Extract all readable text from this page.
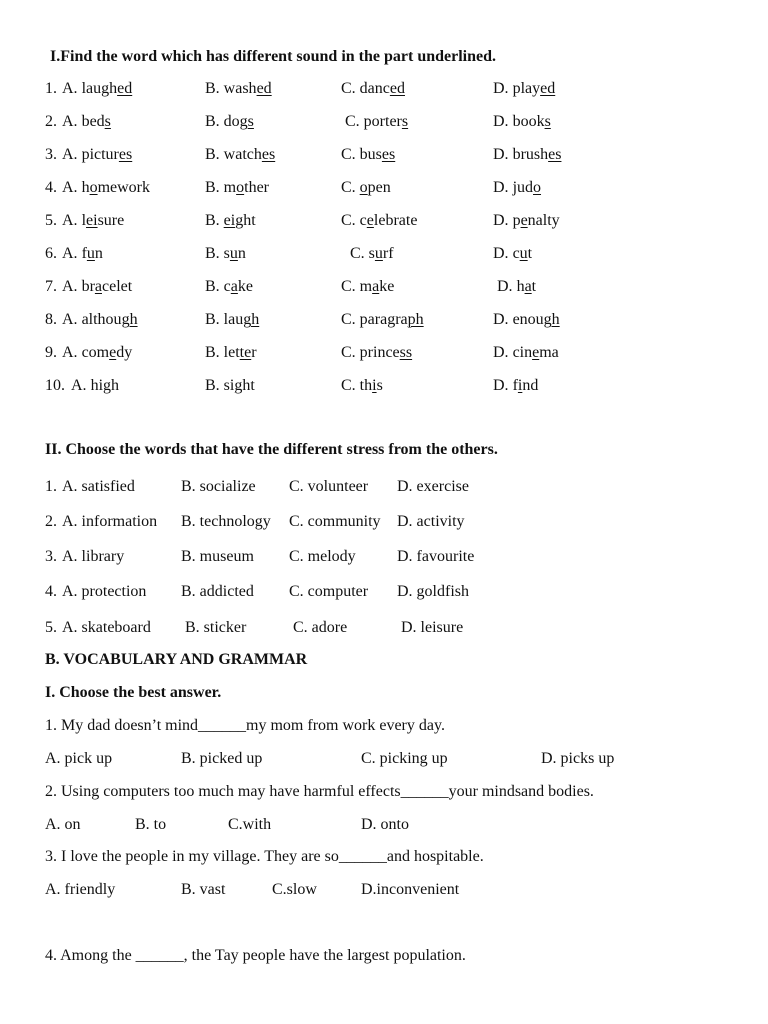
I.Find the word which has different sound in the part underlined.
1. A. laughed	B. washed	C. danced	D. played
2. A. beds	B. dogs	C. porters	D. books
3. A. pictures	B. watches	C. buses	D. brushes
4. A. homework	B. mother	C. open	D. judo
5. A. leisure	B. eight	C. celebrate	D. penalty
6. A. fun	B. sun	C. surf	D. cut
7. A. bracelet	B. cake	C. make	D. hat
8. A. although	B. laugh	C. paragraph	D. enough
9. A. comedy	B. letter	C. princess	D. cinema
10. A. high	B. sight	C. this	D. find
II. Choose the words that have the different stress from the others.
1. A. satisfied	B. socialize C. volunteer D. exercise
2. A. information B. technology C. community D. activity
3. A. library	B. museum C. melody	D. favourite
4. A. protection B. addicted C. computer D. goldfish
5. A. skateboard B. sticker	C. adore	D. leisure
B. VOCABULARY AND GRAMMAR
I. Choose the best answer.
1. My dad doesn’t mind______my mom from work every day.
A. pick up	B. picked up	C. picking up	D. picks up
2. Using computers too much may have harmful effects______your mindsand bodies.
A. on	B. to	C.with	D. onto
3. I love the people in my village. They are so______and hospitable.
A. friendly	B. vast	C.slow	D.inconvenient
4. Among the ______, the Tay people have the largest population.
